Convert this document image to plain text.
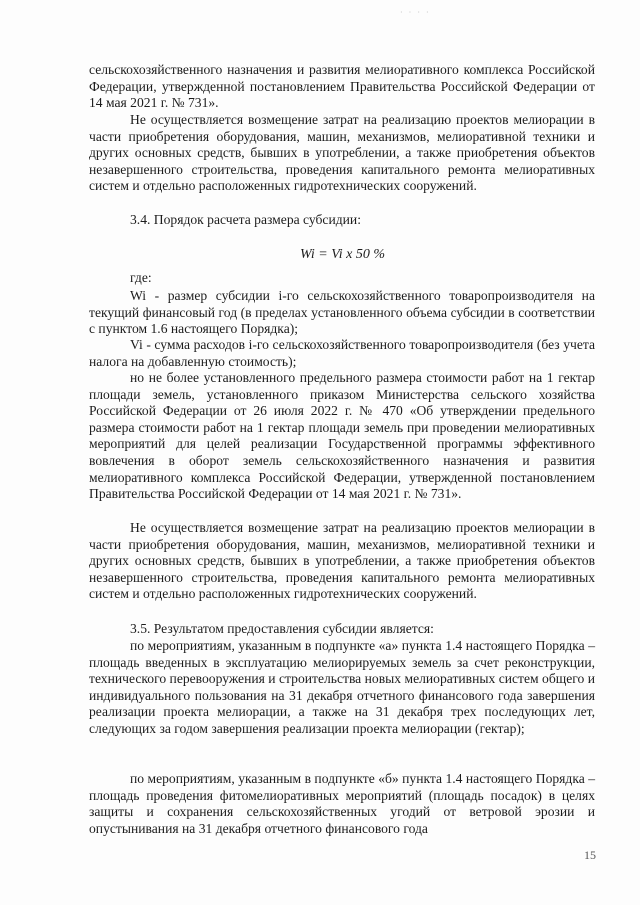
· · · ·

сельскохозяйственного назначения и развития мелиоративного комплекса Российской Федерации, утвержденной постановлением Правительства Российской Федерации от 14 мая 2021 г. № 731».

Не осуществляется возмещение затрат на реализацию проектов мелиорации в части приобретения оборудования, машин, механизмов, мелиоративной техники и других основных средств, бывших в употреблении, а также приобретения объектов незавершенного строительства, проведения капитального ремонта мелиоративных систем и отдельно расположенных гидротехнических сооружений.

3.4. Порядок расчета размера субсидии:

Wi = Vi x 50 %

где:

Wi - размер субсидии i-го сельскохозяйственного товаропроизводителя на текущий финансовый год (в пределах установленного объема субсидии в соответствии с пунктом 1.6 настоящего Порядка);

Vi - сумма расходов i-го сельскохозяйственного товаропроизводителя (без учета налога на добавленную стоимость);

но не более установленного предельного размера стоимости работ на 1 гектар площади земель, установленного приказом Министерства сельского хозяйства Российской Федерации от 26 июля 2022 г. № 470 «Об утверждении предельного размера стоимости работ на 1 гектар площади земель при проведении мелиоративных мероприятий для целей реализации Государственной программы эффективного вовлечения в оборот земель сельскохозяйственного назначения и развития мелиоративного комплекса Российской Федерации, утвержденной постановлением Правительства Российской Федерации от 14 мая 2021 г. № 731».

Не осуществляется возмещение затрат на реализацию проектов мелиорации в части приобретения оборудования, машин, механизмов, мелиоративной техники и других основных средств, бывших в употреблении, а также приобретения объектов незавершенного строительства, проведения капитального ремонта мелиоративных систем и отдельно расположенных гидротехнических сооружений.

3.5. Результатом предоставления субсидии является:

по мероприятиям, указанным в подпункте «а» пункта 1.4 настоящего Порядка – площадь введенных в эксплуатацию мелиорируемых земель за счет реконструкции, технического перевооружения и строительства новых мелиоративных систем общего и индивидуального пользования на 31 декабря отчетного финансового года завершения реализации проекта мелиорации, а также на 31 декабря трех последующих лет, следующих за годом завершения реализации проекта мелиорации (гектар);

по мероприятиям, указанным в подпункте «б» пункта 1.4 настоящего Порядка – площадь проведения фитомелиоративных мероприятий (площадь посадок) в целях защиты и сохранения сельскохозяйственных угодий от ветровой эрозии и опустынивания на 31 декабря отчетного финансового года

15
